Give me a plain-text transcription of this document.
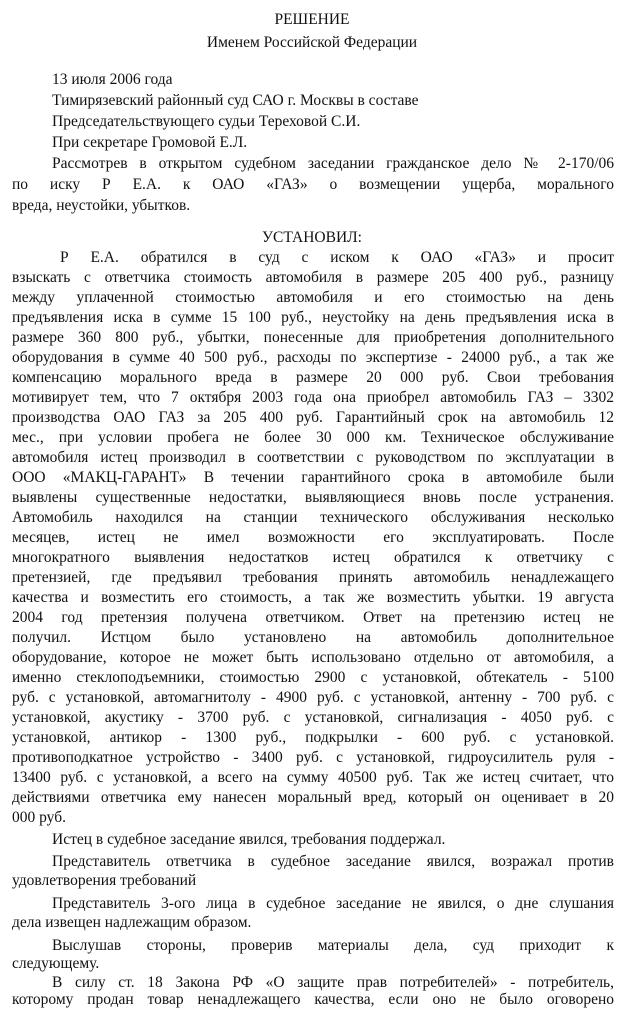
РЕШЕНИЕ
Именем Российской Федерации
13 июля 2006 года
Тимирязевский районный суд САО г. Москвы в составе
Председательствующего судьи Тереховой С.И.
При секретаре Громовой Е.Л.
Рассмотрев в открытом судебном заседании гражданское дело № 2-170/06
по иску Р Е.А. к ОАО «ГАЗ» о возмещении ущерба, морального
вреда, неустойки, убытков.
УСТАНОВИЛ:
Р Е.А. обратился в суд с иском к ОАО «ГАЗ» и просит
взыскать с ответчика стоимость автомобиля в размере 205 400 руб., разницу
между уплаченной стоимостью автомобиля и его стоимостью на день
предъявления иска в сумме 15 100 руб., неустойку на день предъявления иска в
размере 360 800 руб., убытки, понесенные для приобретения дополнительного
оборудования в сумме 40 500 руб., расходы по экспертизе - 24000 руб., а так же
компенсацию морального вреда в размере 20 000 руб. Свои требования
мотивирует тем, что 7 октября 2003 года она приобрел автомобиль ГАЗ – 3302
производства ОАО ГАЗ за 205 400 руб. Гарантийный срок на автомобиль 12
мес., при условии пробега не более 30 000 км. Техническое обслуживание
автомобиля истец производил в соответствии с руководством по эксплуатации в
ООО «МАКЦ-ГАРАНТ» В течении гарантийного срока в автомобиле были
выявлены существенные недостатки, выявляющиеся вновь после устранения.
Автомобиль находился на станции технического обслуживания несколько
месяцев, истец не имел возможности его эксплуатировать. После
многократного выявления недостатков истец обратился к ответчику с
претензией, где предъявил требования принять автомобиль ненадлежащего
качества и возместить его стоимость, а так же возместить убытки. 19 августа
2004 год претензия получена ответчиком. Ответ на претензию истец не
получил. Истцом было установлено на автомобиль дополнительное
оборудование, которое не может быть использовано отдельно от автомобиля, а
именно стеклоподъемники, стоимостью 2900 с установкой, обтекатель - 5100
руб. с установкой, автомагнитолу - 4900 руб. с установкой, антенну - 700 руб. с
установкой, акустику - 3700 руб. с установкой, сигнализация - 4050 руб. с
установкой, антикор - 1300 руб., подкрылки - 600 руб. с установкой.
противоподкатное устройство - 3400 руб. с установкой, гидроусилитель руля -
13400 руб. с установкой, а всего на сумму 40500 руб. Так же истец считает, что
действиями ответчика ему нанесен моральный вред, который он оценивает в 20
000 руб.
Истец в судебное заседание явился, требования поддержал.
Представитель ответчика в судебное заседание явился, возражал против
удовлетворения требований
Представитель 3-ого лица в судебное заседание не явился, о дне слушания
дела извещен надлежащим образом.
Выслушав стороны, проверив материалы дела, суд приходит к
следующему.
В силу ст. 18 Закона РФ «О защите прав потребителей» - потребитель,
которому продан товар ненадлежащего качества, если оно не было оговорено
